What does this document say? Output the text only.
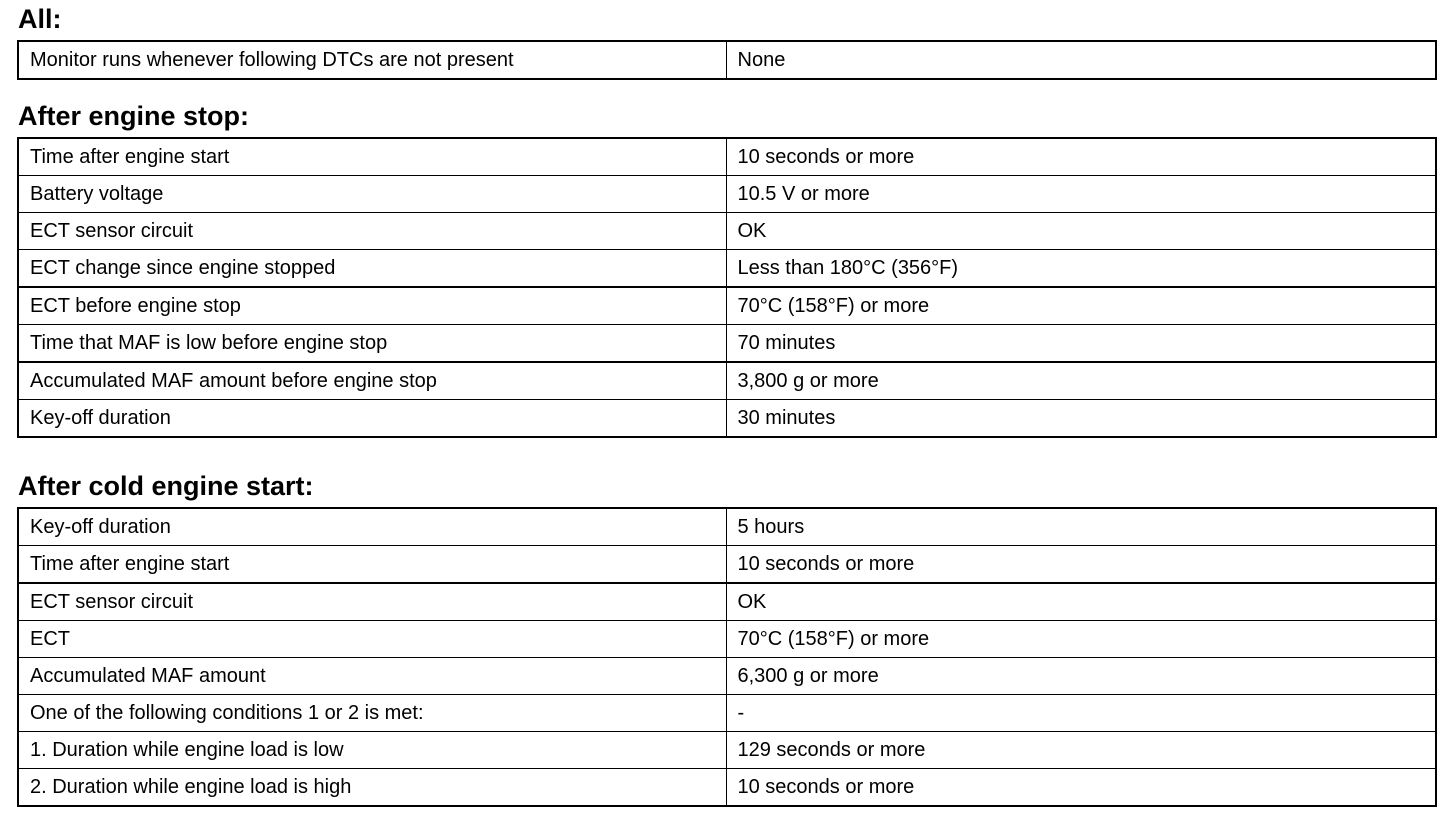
All:
Monitor runs whenever following DTCs are not present	None
After engine stop:
Time after engine start	10 seconds or more
Battery voltage	10.5 V or more
ECT sensor circuit	OK
ECT change since engine stopped	Less than 180°C (356°F)
ECT before engine stop	70°C (158°F) or more
Time that MAF is low before engine stop	70 minutes
Accumulated MAF amount before engine stop	3,800 g or more
Key-off duration	30 minutes
After cold engine start:
Key-off duration	5 hours
Time after engine start	10 seconds or more
ECT sensor circuit	OK
ECT	70°C (158°F) or more
Accumulated MAF amount	6,300 g or more
One of the following conditions 1 or 2 is met:	-
1. Duration while engine load is low	129 seconds or more
2. Duration while engine load is high	10 seconds or more
